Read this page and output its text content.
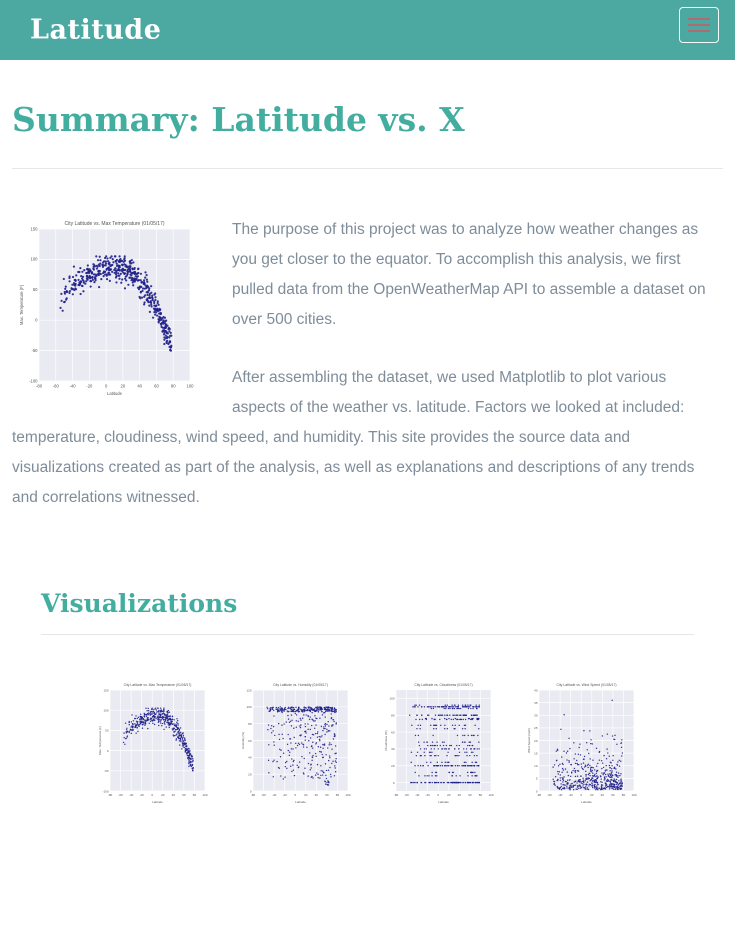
Latitude
Summary: Latitude vs. X

The purpose of this project was to analyze how weather changes as you get closer to the equator. To accomplish this analysis, we first pulled data from the OpenWeatherMap API to assemble a dataset on over 500 cities.

After assembling the dataset, we used Matplotlib to plot various aspects of the weather vs. latitude. Factors we looked at included: temperature, cloudiness, wind speed, and humidity. This site provides the source data and visualizations created as part of the analysis, as well as explanations and descriptions of any trends and correlations witnessed.

Visualizations
